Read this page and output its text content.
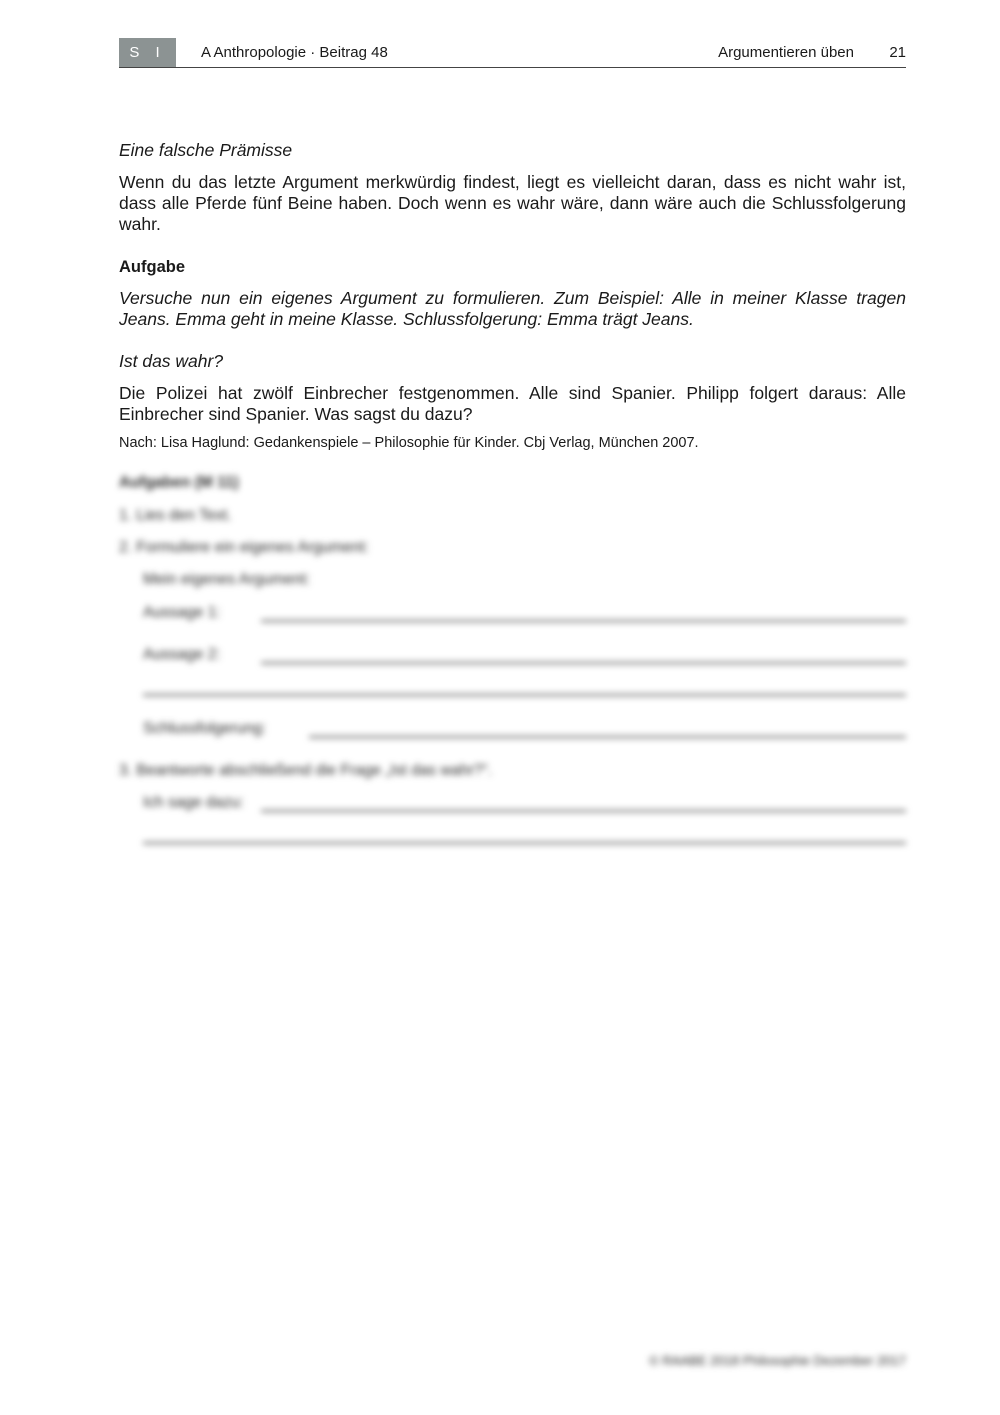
S I	A Anthropologie · Beitrag 48	Argumentieren üben 21

Eine falsche Prämisse

Wenn du das letzte Argument merkwürdig findest, liegt es vielleicht daran, dass es nicht wahr ist, dass alle Pferde fünf Beine haben. Doch wenn es wahr wäre, dann wäre auch die Schlussfolgerung wahr.

Aufgabe

Versuche nun ein eigenes Argument zu formulieren. Zum Beispiel: Alle in meiner Klasse tragen Jeans. Emma geht in meine Klasse. Schlussfolgerung: Emma trägt Jeans.

Ist das wahr?

Die Polizei hat zwölf Einbrecher festgenommen. Alle sind Spanier. Philipp folgert daraus: Alle Einbrecher sind Spanier. Was sagst du dazu?

Nach: Lisa Haglund: Gedankenspiele – Philosophie für Kinder. Cbj Verlag, München 2007.

Aufgaben (M 11)
1. Lies den Text.
2. Formuliere ein eigenes Argument:
Mein eigenes Argument:
Aussage 1:
Aussage 2:
Schlussfolgerung:
3. Beantworte abschließend die Frage „Ist das wahr?“.
Ich sage dazu:
© RAABE 2018 Philosophie Dezember 2017
